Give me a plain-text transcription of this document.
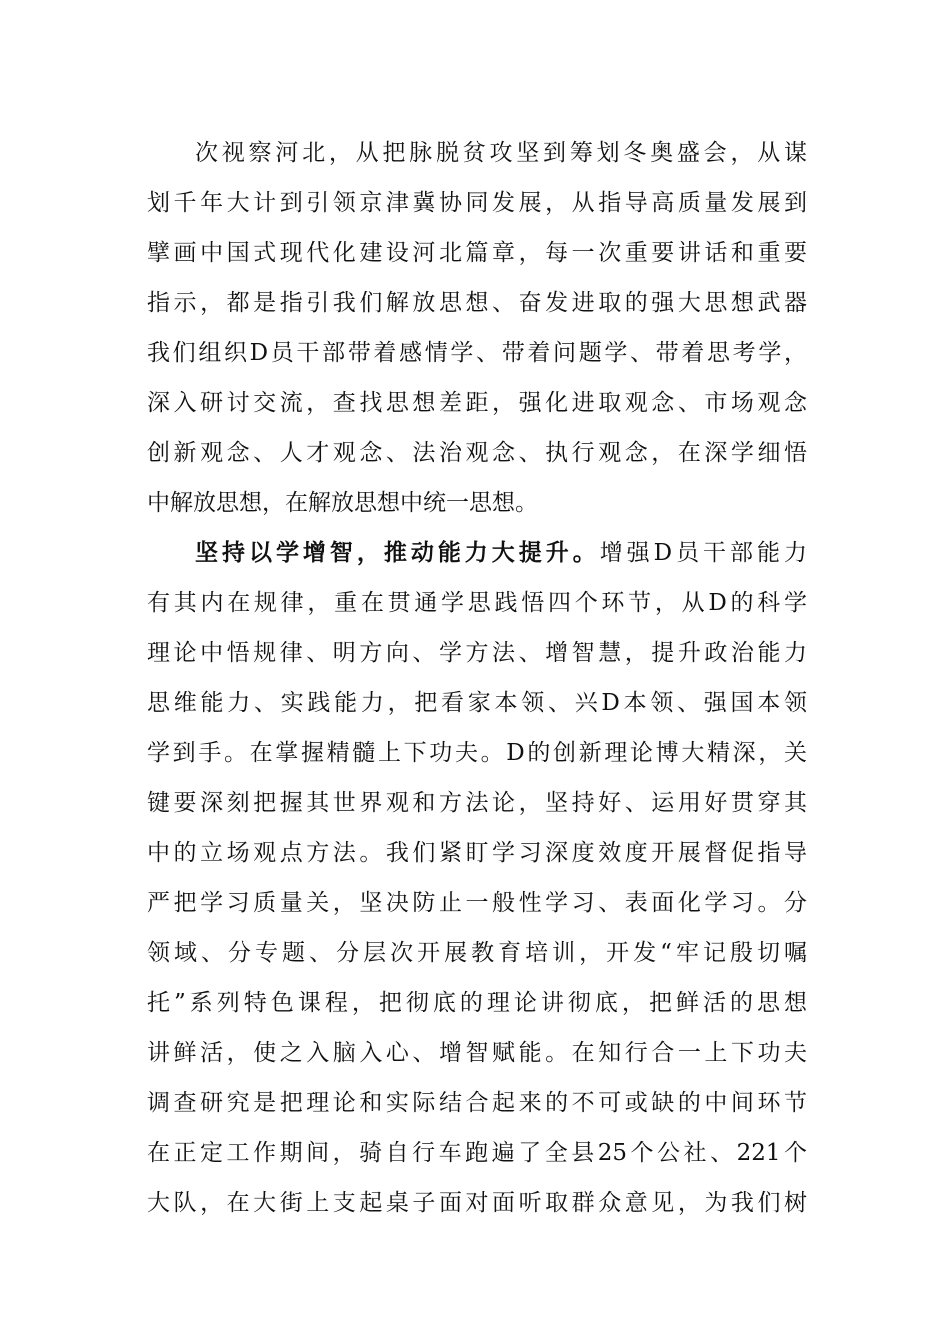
次视察河北，从把脉脱贫攻坚到筹划冬奥盛会，从谋
划千年大计到引领京津冀协同发展，从指导高质量发展到
擘画中国式现代化建设河北篇章，每一次重要讲话和重要
指示，都是指引我们解放思想、奋发进取的强大思想武器
我们组织D员干部带着感情学、带着问题学、带着思考学，
深入研讨交流，查找思想差距，强化进取观念、市场观念
创新观念、人才观念、法治观念、执行观念，在深学细悟
中解放思想，在解放思想中统一思想。
坚持以学增智，推动能力大提升。增强D员干部能力
有其内在规律，重在贯通学思践悟四个环节，从D的科学
理论中悟规律、明方向、学方法、增智慧，提升政治能力
思维能力、实践能力，把看家本领、兴D本领、强国本领
学到手。在掌握精髓上下功夫。D的创新理论博大精深，关
键要深刻把握其世界观和方法论，坚持好、运用好贯穿其
中的立场观点方法。我们紧盯学习深度效度开展督促指导
严把学习质量关，坚决防止一般性学习、表面化学习。分
领域、分专题、分层次开展教育培训，开发“牢记殷切嘱
托”系列特色课程，把彻底的理论讲彻底，把鲜活的思想
讲鲜活，使之入脑入心、增智赋能。在知行合一上下功夫
调查研究是把理论和实际结合起来的不可或缺的中间环节
在正定工作期间，骑自行车跑遍了全县25个公社、221个
大队，在大街上支起桌子面对面听取群众意见，为我们树
